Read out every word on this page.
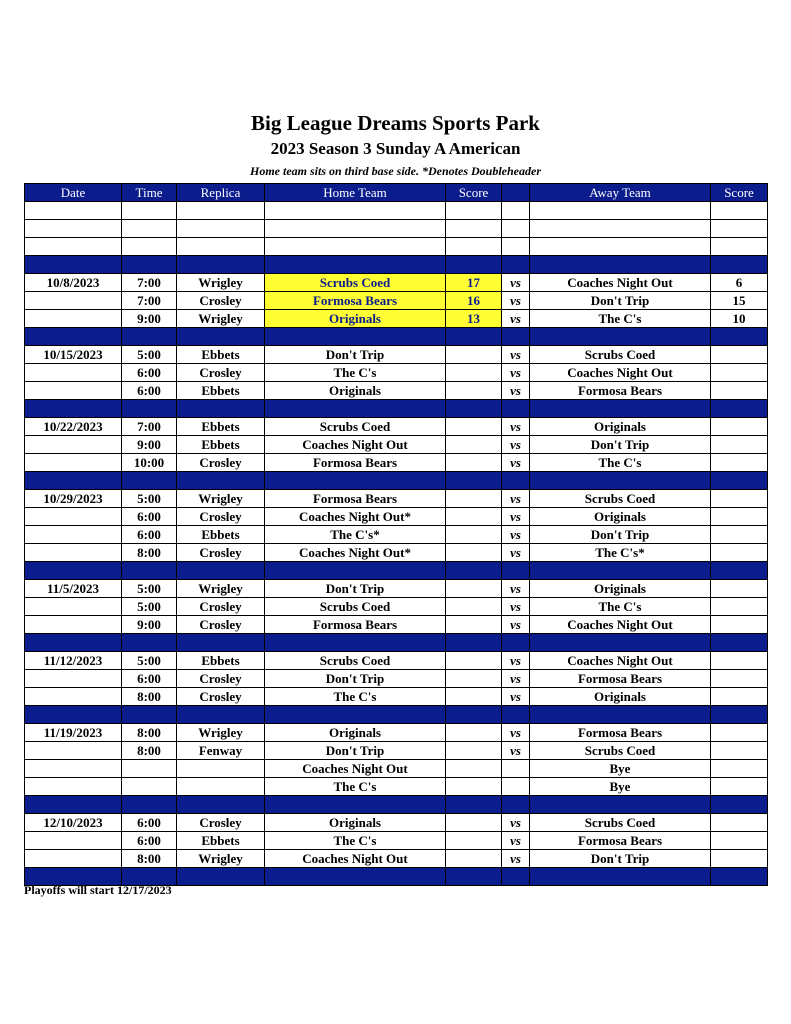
Big League Dreams Sports Park
2023 Season 3 Sunday A American
Home team sits on third base side. *Denotes Doubleheader
Date	Time	Replica	Home Team	Score		Away Team	Score

10/8/2023	7:00	Wrigley	Scrubs Coed	17	vs	Coaches Night Out	6
	7:00	Crosley	Formosa Bears	16	vs	Don't Trip	15
	9:00	Wrigley	Originals	13	vs	The C's	10

10/15/2023	5:00	Ebbets	Don't Trip		vs	Scrubs Coed	
	6:00	Crosley	The C's		vs	Coaches Night Out	
	6:00	Ebbets	Originals		vs	Formosa Bears	

10/22/2023	7:00	Ebbets	Scrubs Coed		vs	Originals	
	9:00	Ebbets	Coaches Night Out		vs	Don't Trip	
	10:00	Crosley	Formosa Bears		vs	The C's	

10/29/2023	5:00	Wrigley	Formosa Bears		vs	Scrubs Coed	
	6:00	Crosley	Coaches Night Out*		vs	Originals	
	6:00	Ebbets	The C's*		vs	Don't Trip	
	8:00	Crosley	Coaches Night Out*		vs	The C's*	

11/5/2023	5:00	Wrigley	Don't Trip		vs	Originals	
	5:00	Crosley	Scrubs Coed		vs	The C's	
	9:00	Crosley	Formosa Bears		vs	Coaches Night Out	

11/12/2023	5:00	Ebbets	Scrubs Coed		vs	Coaches Night Out	
	6:00	Crosley	Don't Trip		vs	Formosa Bears	
	8:00	Crosley	The C's		vs	Originals	

11/19/2023	8:00	Wrigley	Originals		vs	Formosa Bears	
	8:00	Fenway	Don't Trip		vs	Scrubs Coed	
			Coaches Night Out			Bye	
			The C's			Bye	

12/10/2023	6:00	Crosley	Originals		vs	Scrubs Coed	
	6:00	Ebbets	The C's		vs	Formosa Bears	
	8:00	Wrigley	Coaches Night Out		vs	Don't Trip	

Playoffs will start 12/17/2023
